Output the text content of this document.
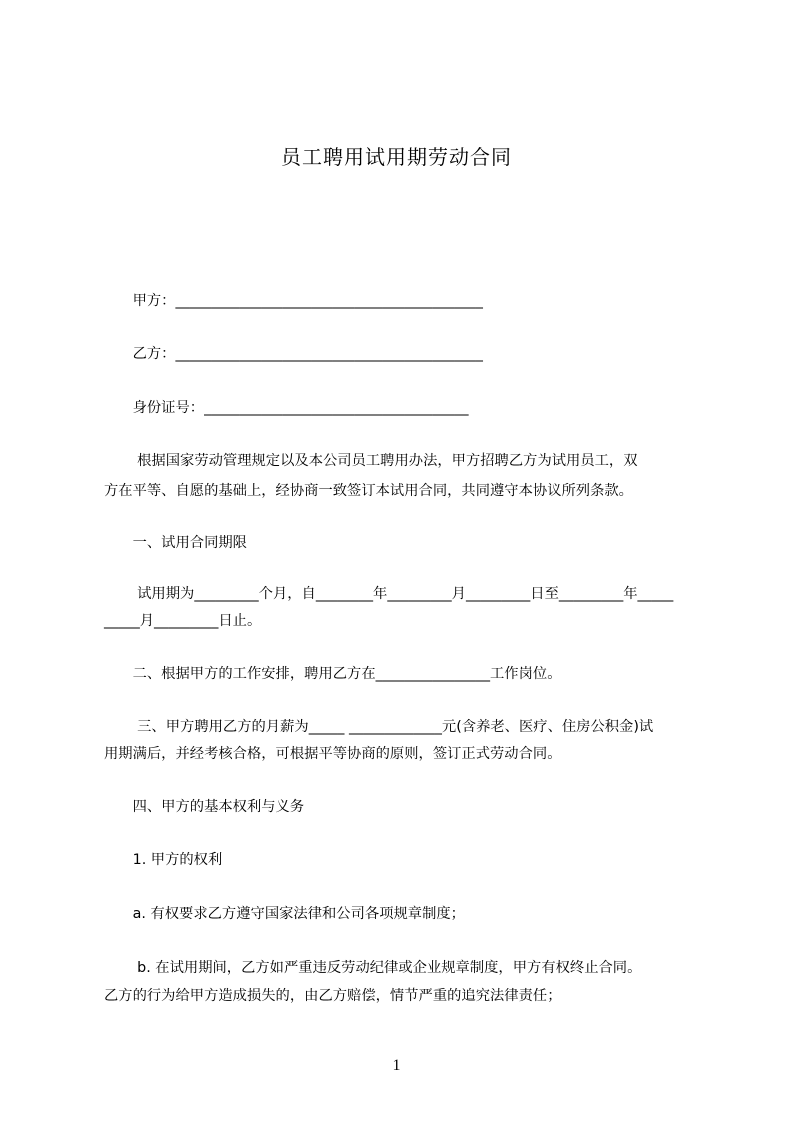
员工聘用试用期劳动合同
　　甲方：___________________________________________
　　乙方：___________________________________________
　　身份证号：_____________________________________
　　 根据国家劳动管理规定以及本公司员工聘用办法，甲方招聘乙方为试用员工，双
方在平等、自愿的基础上，经协商一致签订本试用合同，共同遵守本协议所列条款。
　　一、试用合同期限
　　 试用期为_________个月，自________年_________月_________日至_________年_____
_____月_________日止。
　　二、根据甲方的工作安排，聘用乙方在________________工作岗位。
　　 三、甲方聘用乙方的月薪为_____ _____________元(含养老、医疗、住房公积金)试
用期满后，并经考核合格，可根据平等协商的原则，签订正式劳动合同。
　　四、甲方的基本权利与义务
　　1. 甲方的权利
　　a. 有权要求乙方遵守国家法律和公司各项规章制度；
　　 b. 在试用期间，乙方如严重违反劳动纪律或企业规章制度，甲方有权终止合同。
乙方的行为给甲方造成损失的，由乙方赔偿，情节严重的追究法律责任；
1
